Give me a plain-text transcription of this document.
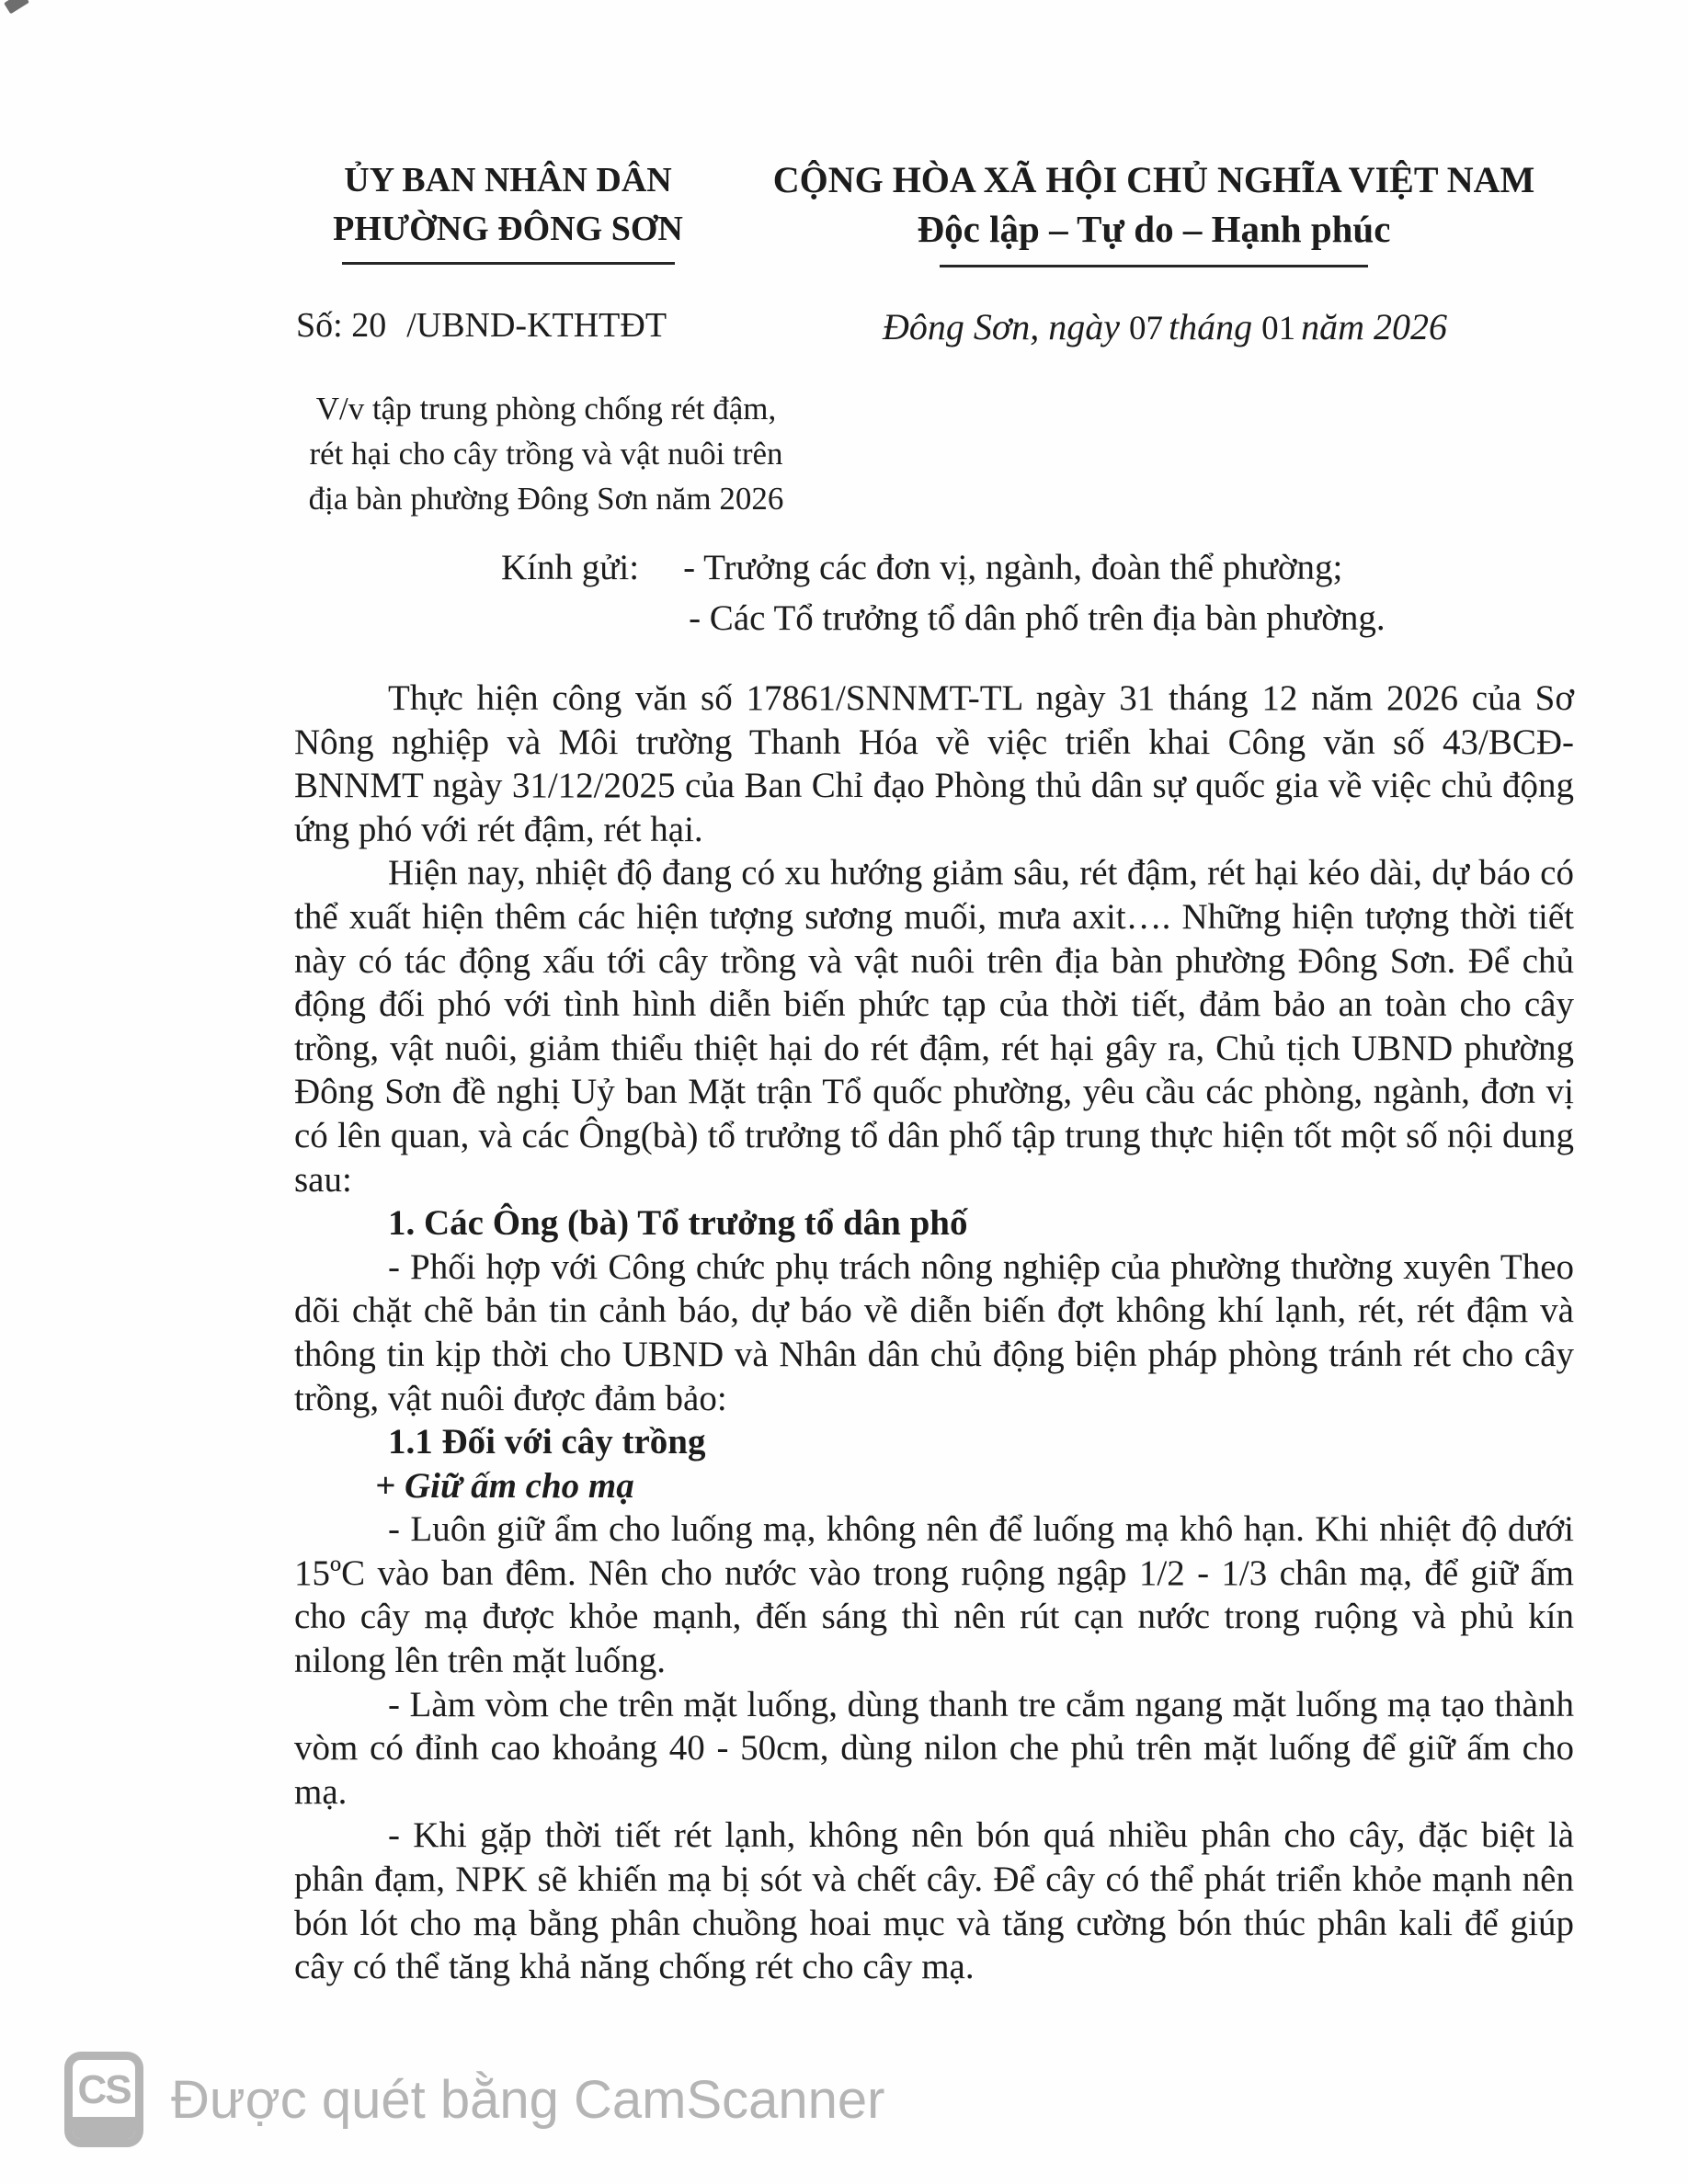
ỦY BAN NHÂN DÂN
PHƯỜNG ĐÔNG SƠN
CỘNG HÒA XÃ HỘI CHỦ NGHĨA VIỆT NAM
Độc lập – Tự do – Hạnh phúc
Số: 20 /UBND-KTHTĐT	Đông Sơn, ngày 07 tháng 01 năm 2026
V/v tập trung phòng chống rét đậm,
rét hại cho cây trồng và vật nuôi trên
địa bàn phường Đông Sơn năm 2026
Kính gửi: - Trưởng các đơn vị, ngành, đoàn thể phường;
- Các Tổ trưởng tổ dân phố trên địa bàn phường.

Thực hiện công văn số 17861/SNNMT-TL ngày 31 tháng 12 năm 2026 của Sơ Nông nghiệp và Môi trường Thanh Hóa về việc triển khai Công văn số 43/BCĐ-BNNMT ngày 31/12/2025 của Ban Chỉ đạo Phòng thủ dân sự quốc gia về việc chủ động ứng phó với rét đậm, rét hại.

Hiện nay, nhiệt độ đang có xu hướng giảm sâu, rét đậm, rét hại kéo dài, dự báo có thể xuất hiện thêm các hiện tượng sương muối, mưa axit…. Những hiện tượng thời tiết này có tác động xấu tới cây trồng và vật nuôi trên địa bàn phường Đông Sơn. Để chủ động đối phó với tình hình diễn biến phức tạp của thời tiết, đảm bảo an toàn cho cây trồng, vật nuôi, giảm thiểu thiệt hại do rét đậm, rét hại gây ra, Chủ tịch UBND phường Đông Sơn đề nghị Uỷ ban Mặt trận Tổ quốc phường, yêu cầu các phòng, ngành, đơn vị có lên quan, và các Ông(bà) tổ trưởng tổ dân phố tập trung thực hiện tốt một số nội dung sau:

1. Các Ông (bà) Tổ trưởng tổ dân phố

- Phối hợp với Công chức phụ trách nông nghiệp của phường thường xuyên Theo dõi chặt chẽ bản tin cảnh báo, dự báo về diễn biến đợt không khí lạnh, rét, rét đậm và thông tin kịp thời cho UBND và Nhân dân chủ động biện pháp phòng tránh rét cho cây trồng, vật nuôi được đảm bảo:

1.1 Đối với cây trồng

+ Giữ ấm cho mạ

- Luôn giữ ẩm cho luống mạ, không nên để luống mạ khô hạn. Khi nhiệt độ dưới 15ºC vào ban đêm. Nên cho nước vào trong ruộng ngập 1/2 - 1/3 chân mạ, để giữ ấm cho cây mạ được khỏe mạnh, đến sáng thì nên rút cạn nước trong ruộng và phủ kín nilong lên trên mặt luống.

- Làm vòm che trên mặt luống, dùng thanh tre cắm ngang mặt luống mạ tạo thành vòm có đỉnh cao khoảng 40 - 50cm, dùng nilon che phủ trên mặt luống để giữ ấm cho mạ.

- Khi gặp thời tiết rét lạnh, không nên bón quá nhiều phân cho cây, đặc biệt là phân đạm, NPK sẽ khiến mạ bị sót và chết cây. Để cây có thể phát triển khỏe mạnh nên bón lót cho mạ bằng phân chuồng hoai mục và tăng cường bón thúc phân kali để giúp cây có thể tăng khả năng chống rét cho cây mạ.

CS Được quét bằng CamScanner
